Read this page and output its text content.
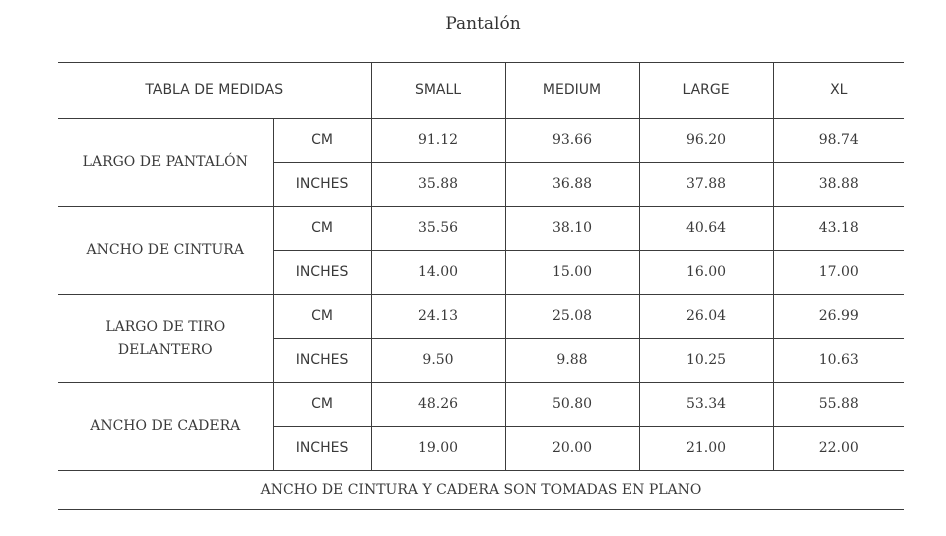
Pantalón
TABLA DE MEDIDAS		SMALL	MEDIUM	LARGE	XL
LARGO DE PANTALÓN	CM	91.12	93.66	96.20	98.74
	INCHES	35.88	36.88	37.88	38.88
ANCHO DE CINTURA	CM	35.56	38.10	40.64	43.18
	INCHES	14.00	15.00	16.00	17.00
LARGO DE TIRO DELANTERO	CM	24.13	25.08	26.04	26.99
	INCHES	9.50	9.88	10.25	10.63
ANCHO DE CADERA	CM	48.26	50.80	53.34	55.88
	INCHES	19.00	20.00	21.00	22.00
ANCHO DE CINTURA Y CADERA SON TOMADAS EN PLANO					
